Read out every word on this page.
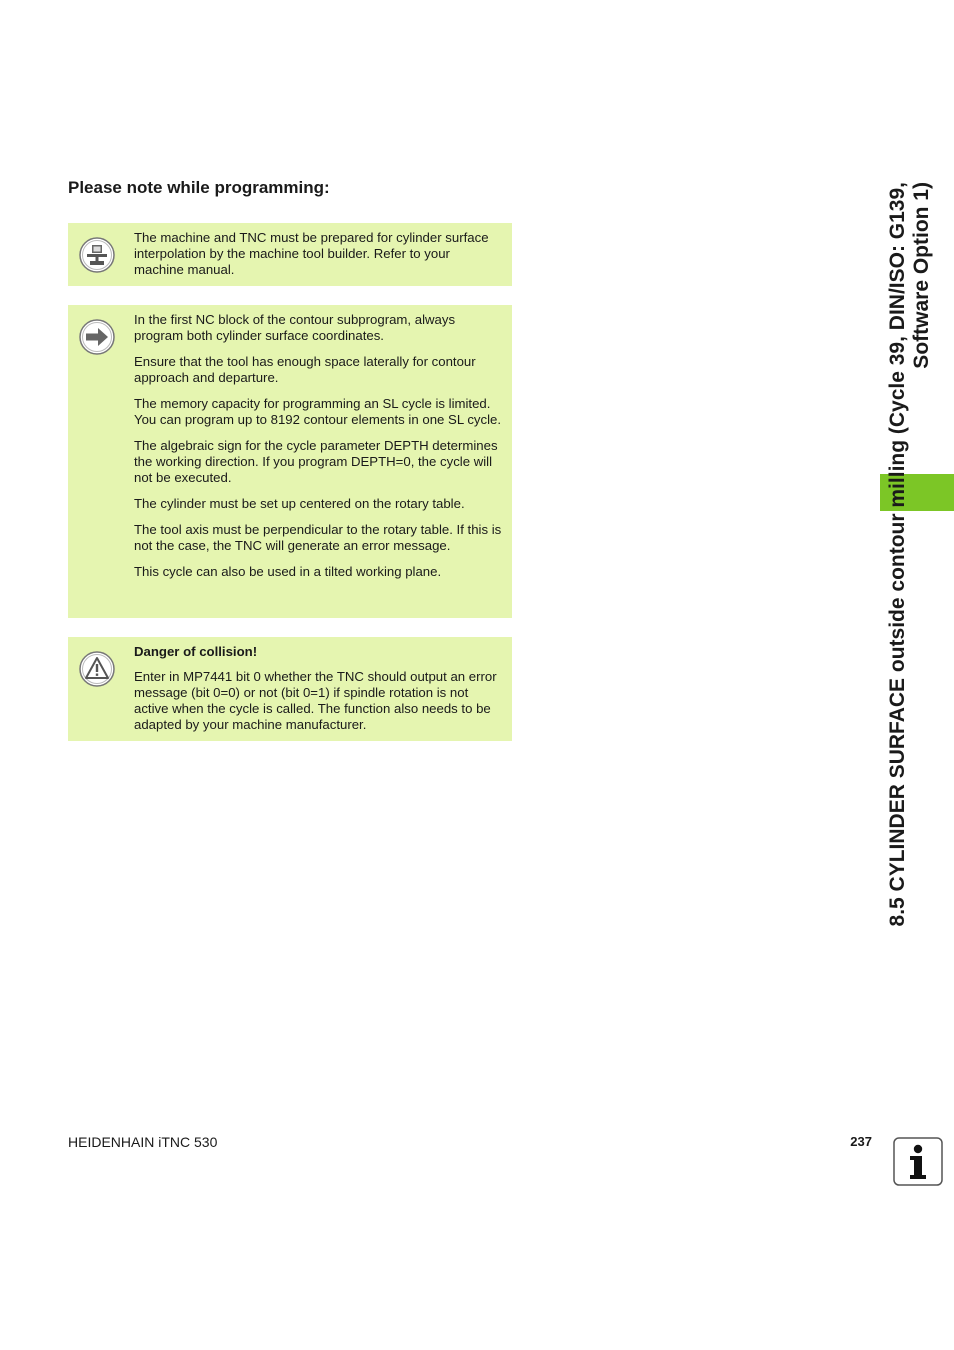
Please note while programming:

The machine and TNC must be prepared for cylinder surface interpolation by the machine tool builder. Refer to your machine manual.

In the first NC block of the contour subprogram, always program both cylinder surface coordinates.

Ensure that the tool has enough space laterally for contour approach and departure.

The memory capacity for programming an SL cycle is limited. You can program up to 8192 contour elements in one SL cycle.

The algebraic sign for the cycle parameter DEPTH determines the working direction. If you program DEPTH=0, the cycle will not be executed.

The cylinder must be set up centered on the rotary table.

The tool axis must be perpendicular to the rotary table. If this is not the case, the TNC will generate an error message.

This cycle can also be used in a tilted working plane.

Danger of collision!

Enter in MP7441 bit 0 whether the TNC should output an error message (bit 0=0) or not (bit 0=1) if spindle rotation is not active when the cycle is called. The function also needs to be adapted by your machine manufacturer.	8.5 CYLINDER SURFACE outside contour milling (Cycle 39, DIN/ISO: G139, Software Option 1)
HEIDENHAIN iTNC 530	237
